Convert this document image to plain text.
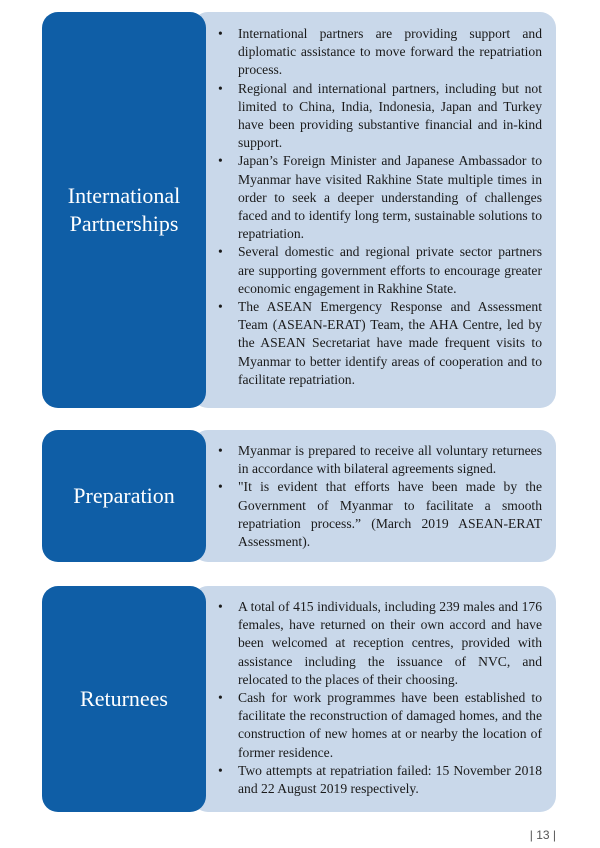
International Partnerships
• International partners are providing support and diplomatic assistance to move forward the repatriation process.
• Regional and international partners, including but not limited to China, India, Indonesia, Japan and Turkey have been providing substantive financial and in-kind support.
• Japan’s Foreign Minister and Japanese Ambassador to Myanmar have visited Rakhine State multiple times in order to seek a deeper understanding of challenges faced and to identify long term, sustainable solutions to repatriation.
• Several domestic and regional private sector partners are supporting government efforts to encourage greater economic engagement in Rakhine State.
• The ASEAN Emergency Response and Assessment Team (ASEAN-ERAT) Team, the AHA Centre, led by the ASEAN Secretariat have made frequent visits to Myanmar to better identify areas of cooperation and to facilitate repatriation.
Preparation
• Myanmar is prepared to receive all voluntary returnees in accordance with bilateral agreements signed.
• "It is evident that efforts have been made by the Government of Myanmar to facilitate a smooth repatriation process.” (March 2019 ASEAN-ERAT Assessment).
Returnees
• A total of 415 individuals, including 239 males and 176 females, have returned on their own accord and have been welcomed at reception centres, provided with assistance including the issuance of NVC, and relocated to the places of their choosing.
• Cash for work programmes have been established to facilitate the reconstruction of damaged homes, and the construction of new homes at or nearby the location of former residence.
• Two attempts at repatriation failed: 15 November 2018 and 22 August 2019 respectively.
| 13 |
